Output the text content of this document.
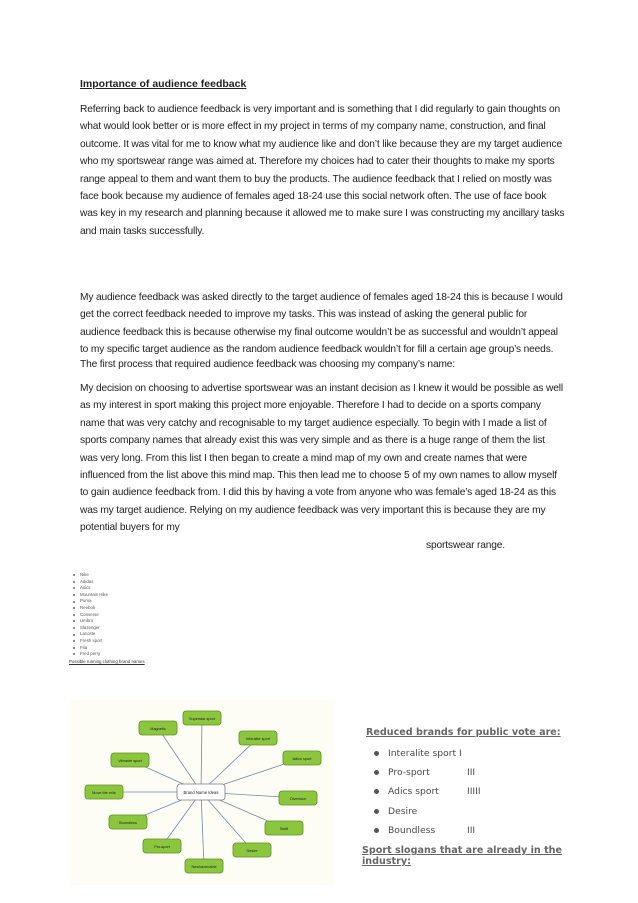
Importance of audience feedback
Referring back to audience feedback is very important and is something that I did regularly to gain thoughts on what would look better or is more effect in my project in terms of my company name, construction, and final outcome. It was vital for me to know what my audience like and don’t like because they are my target audience who my sportswear range was aimed at. Therefore my choices had to cater their thoughts to make my sports range appeal to them and want them to buy the products. The audience feedback that I relied on mostly was face book because my audience of females aged 18-24 use this social network often. The use of face book was key in my research and planning because it allowed me to make sure I was constructing my ancillary tasks and main tasks successfully.
My audience feedback was asked directly to the target audience of females aged 18-24 this is because I would get the correct feedback needed to improve my tasks. This was instead of asking the general public for audience feedback this is because otherwise my final outcome wouldn’t be as successful and wouldn’t appeal to my specific target audience as the random audience feedback wouldn’t for fill a certain age group’s needs.
The first process that required audience feedback was choosing my company’s name:
My decision on choosing to advertise sportswear was an instant decision as I knew it would be possible as well as my interest in sport making this project more enjoyable. Therefore I had to decide on a sports company name that was very catchy and recognisable to my target audience especially. To begin with I made a list of sports company names that already exist this was very simple and as there is a huge range of them the list was very long. From this list I then began to create a mind map of my own and create names that were influenced from the list above this mind map. This then lead me to choose 5 of my own names to allow myself to gain audience feedback from. I did this by having a vote from anyone who was female’s aged 18-24 as this was my target audience. Relying on my audience feedback was very important this is because they are my potential buyers for my
sportswear range.
Nike
Adidas
Asics
Mountain Hike
Puma
Reebok
Converse
Umbro
Slazenger
Lacoste
Fresh sport
Fila
Fred perry
Possible running clothing brand names
Brand Name Ideas
Superstar sport
Interalite sport
Adics sport
Diversion
Swift
Desire
Newhavenable
Pro-sport
Boundless
Move the mile
Vibrante sport
Magnetic	Reduced brands for public vote are:
Interalite sport I
Pro-sport	III
Adics sport	IIIII
Desire
Boundless	III
Sport slogans that are already in the industry:
